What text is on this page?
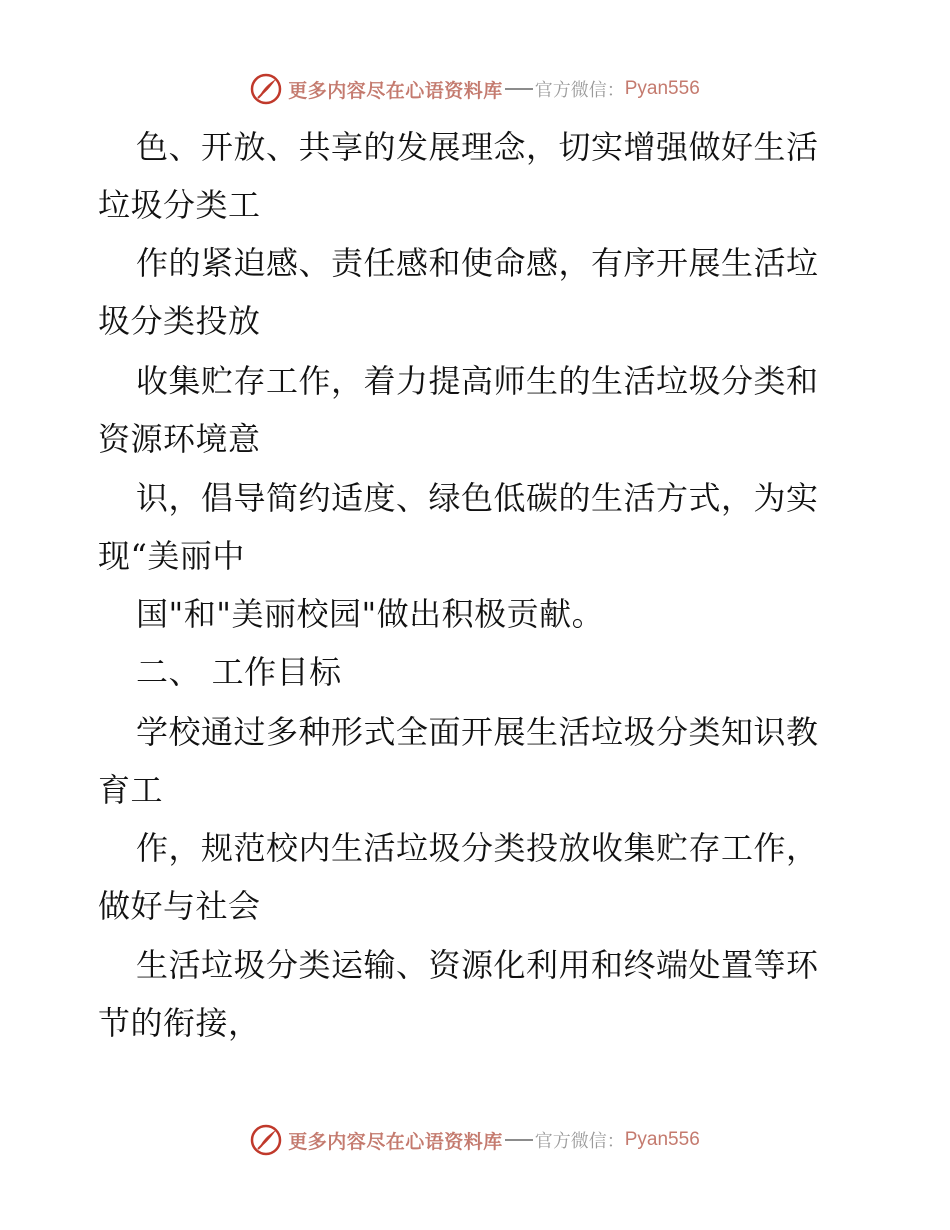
更多内容尽在心语资料库 官方微信： Pyan556
色、开放、共享的发展理念，切实增强做好生活
垃圾分类工
作的紧迫感、责任感和使命感，有序开展生活垃
圾分类投放
收集贮存工作，着力提高师生的生活垃圾分类和
资源环境意
识，倡导简约适度、绿色低碳的生活方式，为实
现“美丽中
国"和"美丽校园"做出积极贡献。
二、 工作目标
学校通过多种形式全面开展生活垃圾分类知识教
育工
作，规范校内生活垃圾分类投放收集贮存工作，
做好与社会
生活垃圾分类运输、资源化利用和终端处置等环
节的衔接，
更多内容尽在心语资料库 官方微信： Pyan556
